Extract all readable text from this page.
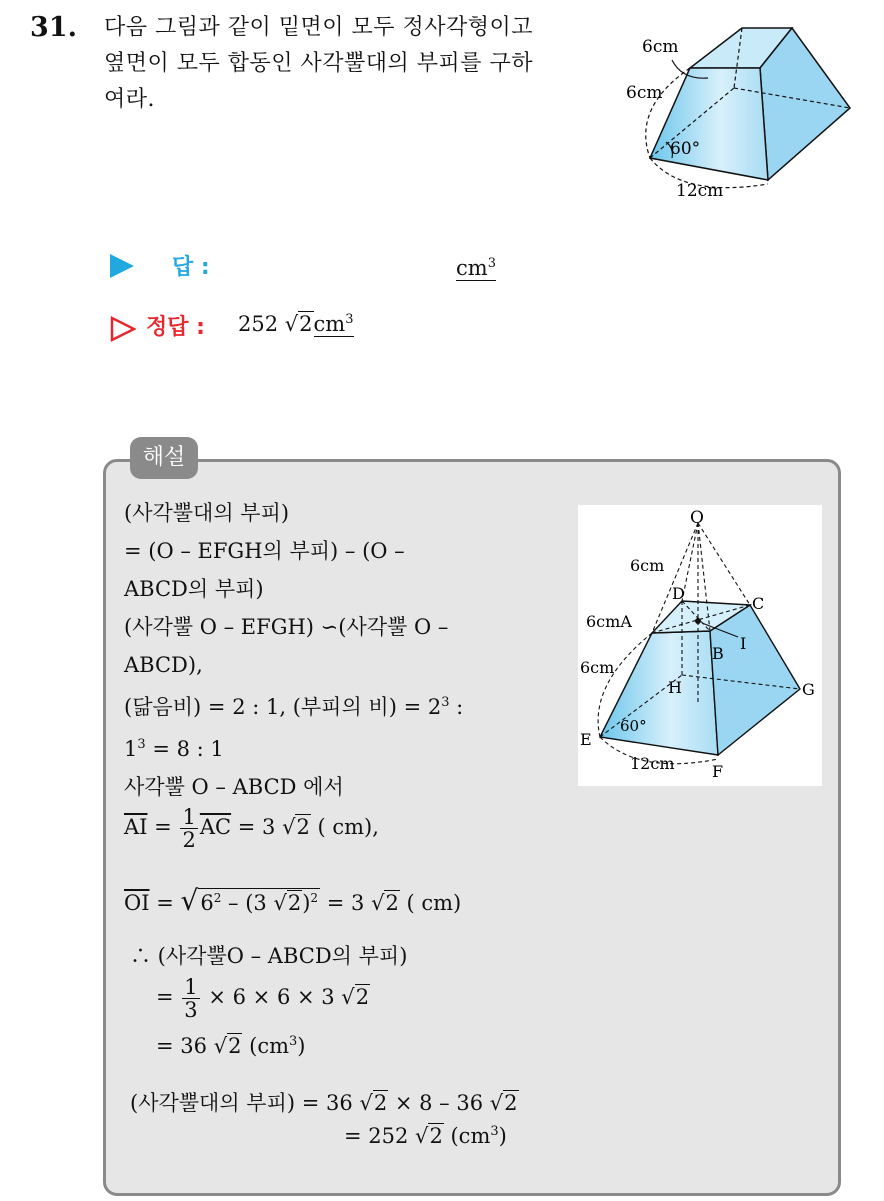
31. 다음 그림과 같이 밑면이 모두 정사각형이고

옆면이 모두 합동인 사각뿔대의 부피를 구하

여라.

6cm
6cm
60°
12cm
답 :	$cm^3$
정답 : 252 $√2cm^3$
해설
(사각뿔대의 부피)
= (O – EFGH의 부피) – (O –
ABCD의 부피)
(사각뿔 O – EFGH) ∽(사각뿔 O –
ABCD),
(닮음비) = 2 : 1, (부피의 비) = $2^3$ :
$1^3 = 8$ : 1
사각뿔 O – ABCD 에서
$\overline{AI} = \frac{1}{2} \overline{AC} = 3$ √2 ( cm),
$\overline{OI} = √6^2 - (3$ √2)$^2$ = 3 √2 ( cm)
∴ (사각뿔O – ABCD의 부피)
= $\frac{1}{3} \times 6 \times 6 \times 3$ √2
= 36 √2 $(cm^3)$
(사각뿔대의 부피) = 36 √2 × 8 – 36 √2
= 252 √2 $(cm^3)$
O
6cm
D
C
6cmA
I
B
6cm
H	G
E
60°
12cm F
